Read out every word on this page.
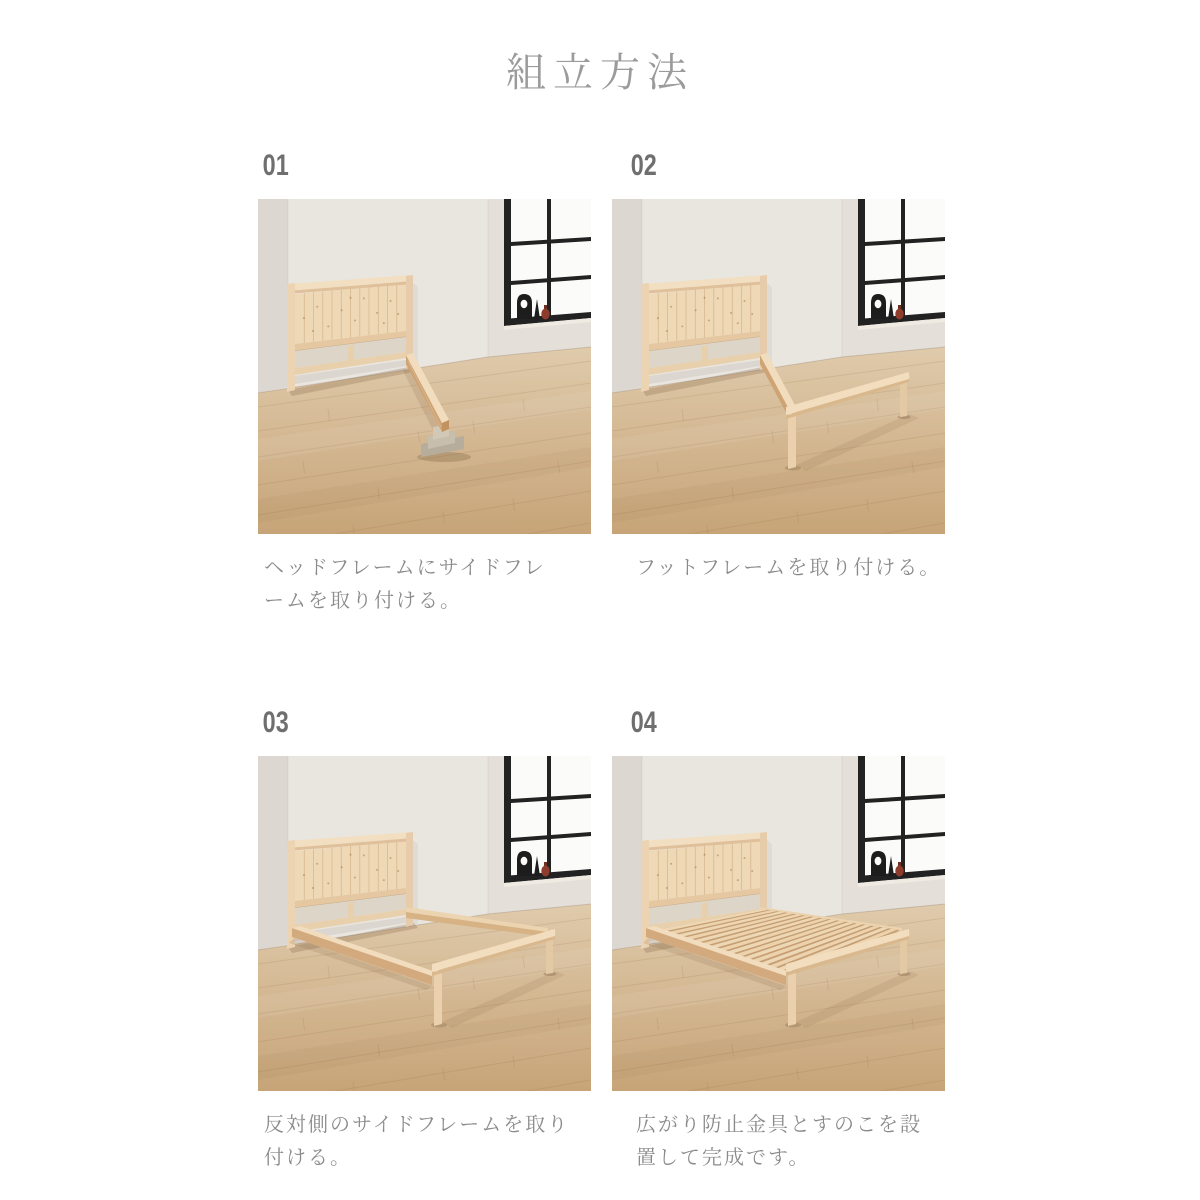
組立方法

01

ヘッドフレームにサイドフレ
ームを取り付ける。

02

フットフレームを取り付ける。

03

反対側のサイドフレームを取り
付ける。

04

広がり防止金具とすのこを設
置して完成です。
